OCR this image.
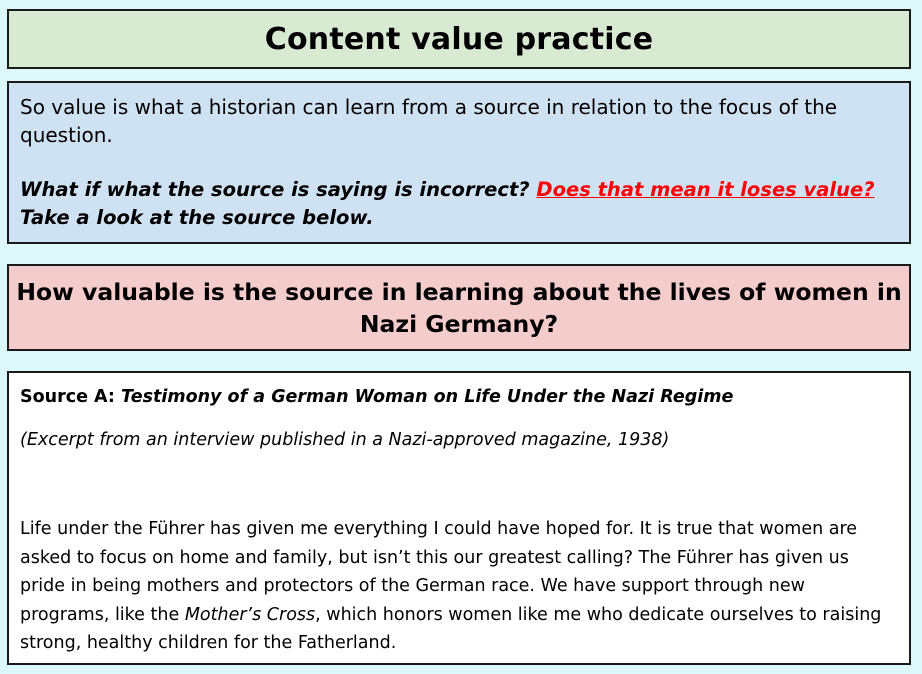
Content value practice

So value is what a historian can learn from a source in relation to the focus of the question.

What if what the source is saying is incorrect? Does that mean it loses value? Take a look at the source below.

How valuable is the source in learning about the lives of women in Nazi Germany?

Source A: Testimony of a German Woman on Life Under the Nazi Regime

(Excerpt from an interview published in a Nazi-approved magazine, 1938)

Life under the Führer has given me everything I could have hoped for. It is true that women are asked to focus on home and family, but isn’t this our greatest calling? The Führer has given us pride in being mothers and protectors of the German race. We have support through new programs, like the Mother’s Cross, which honors women like me who dedicate ourselves to raising strong, healthy children for the Fatherland.
